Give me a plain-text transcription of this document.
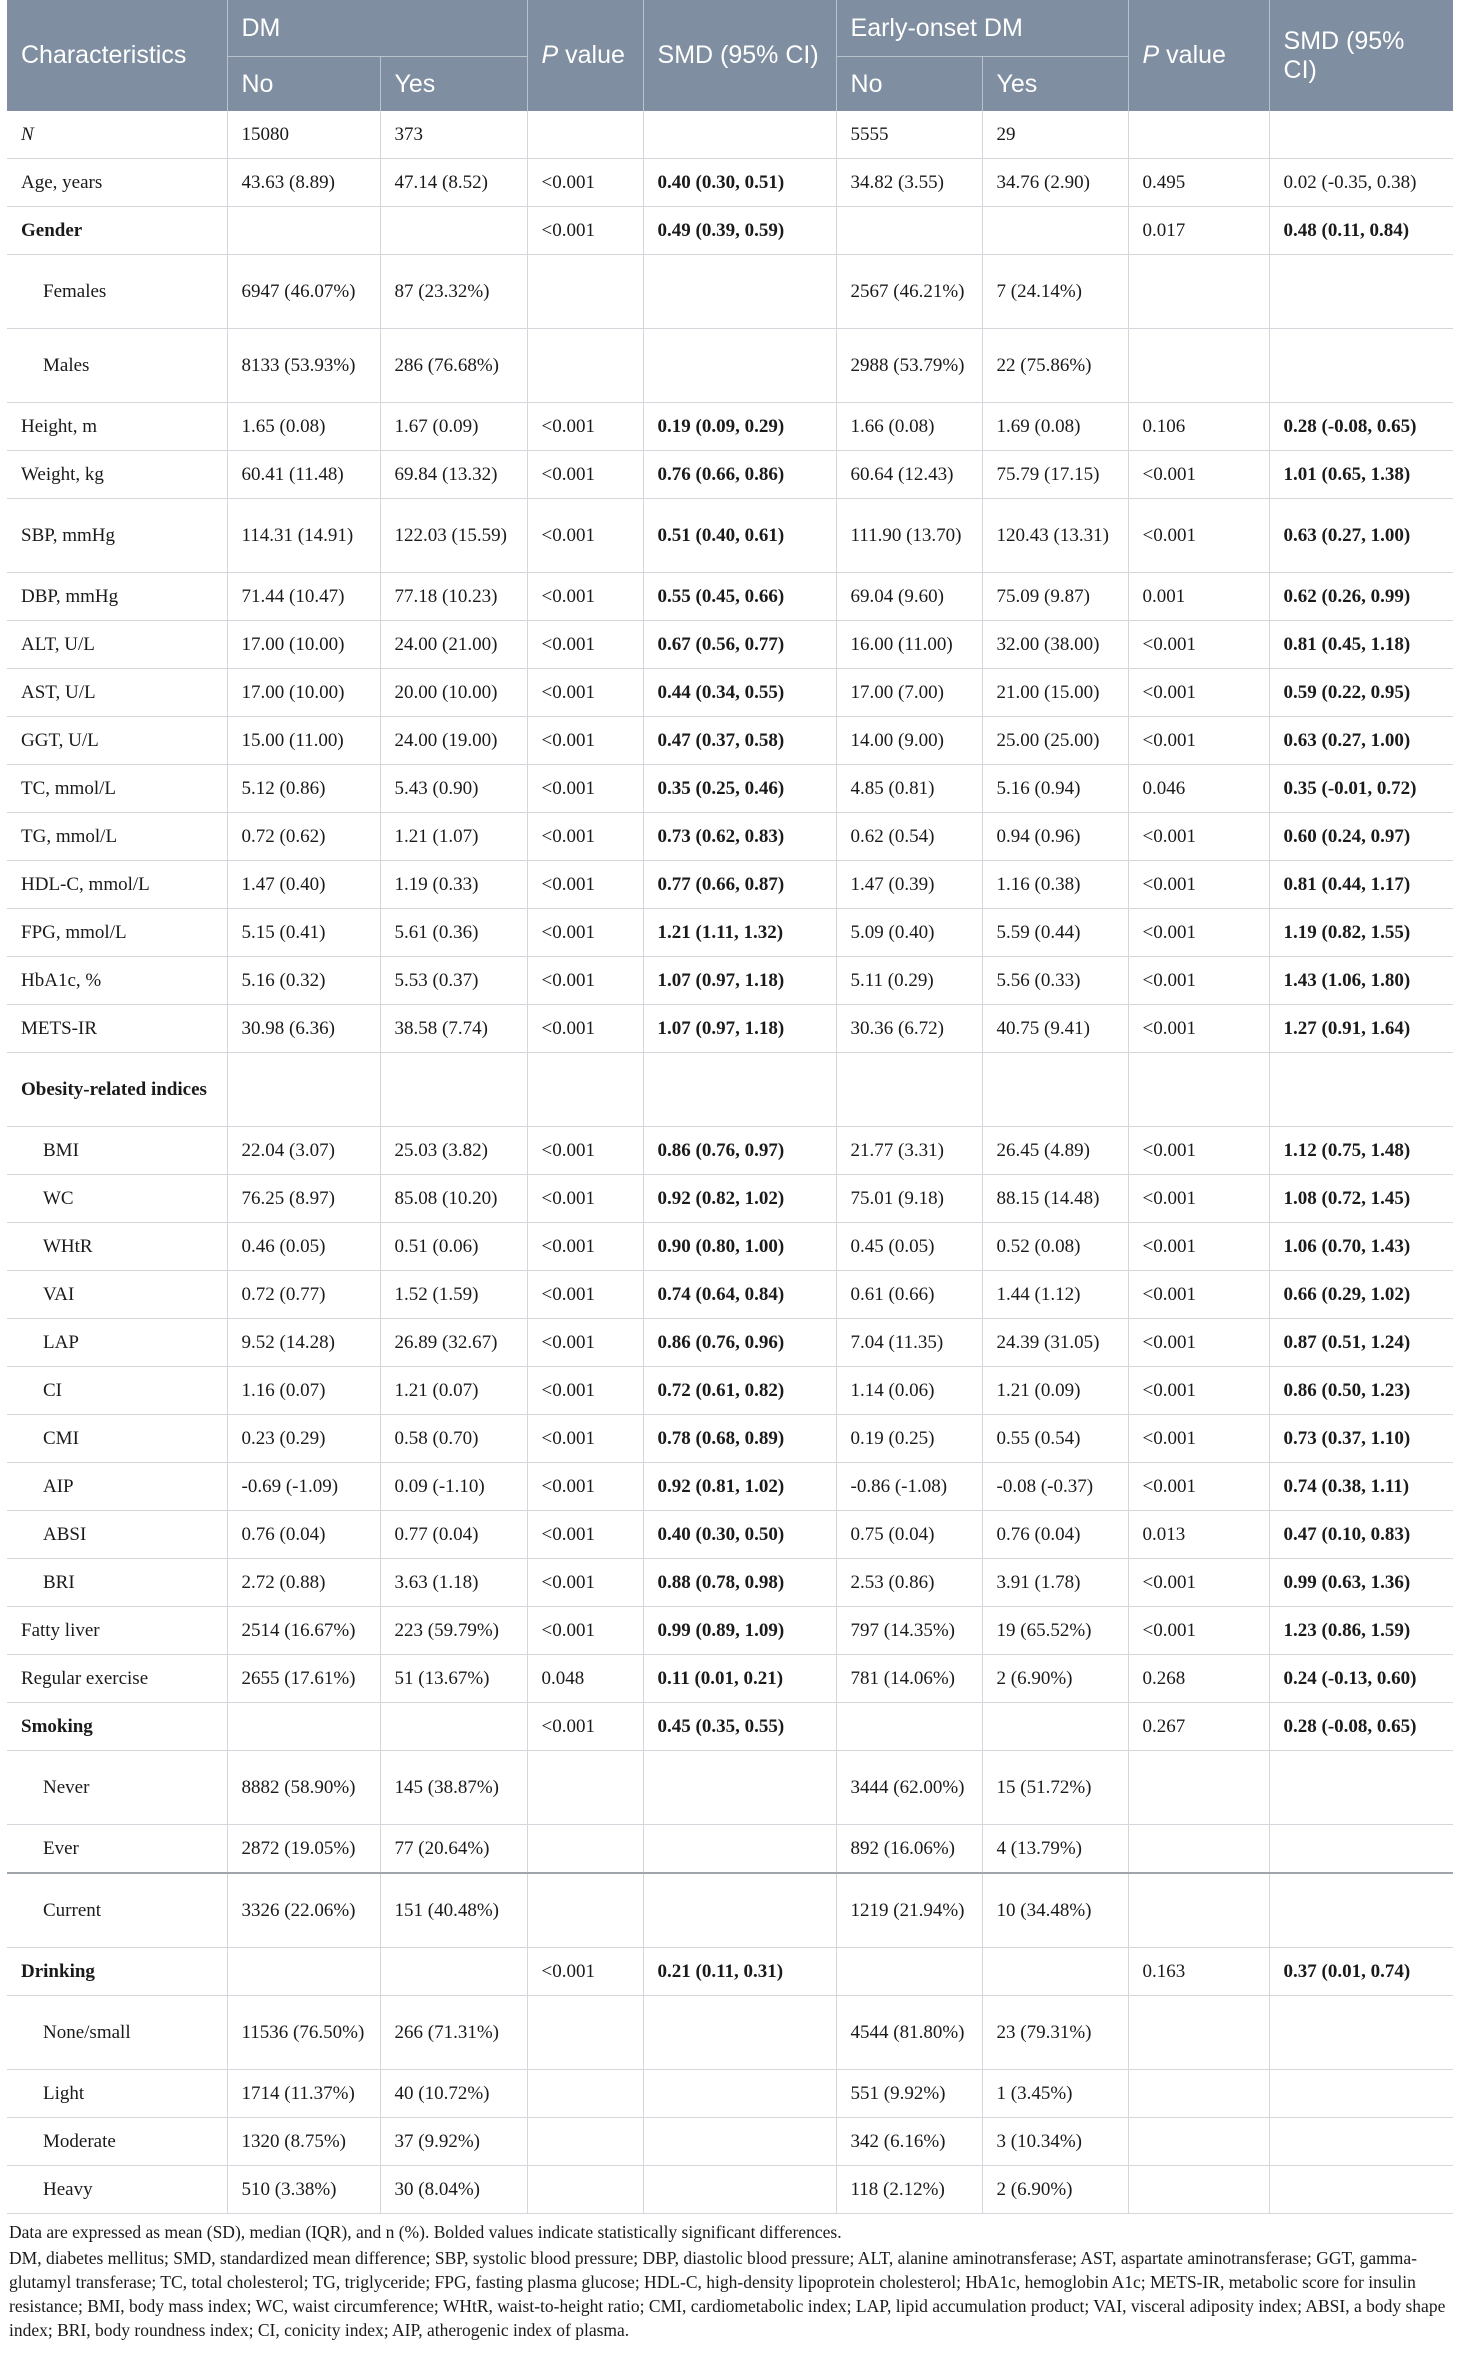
Characteristics	DM		P value	SMD (95% CI)	Early-onset DM		P value	SMD (95% CI)
	No	Yes			No	Yes		
N	15080	373			5555	29		
Age, years	43.63 (8.89)	47.14 (8.52)	<0.001	0.40 (0.30, 0.51)	34.82 (3.55)	34.76 (2.90)	0.495	0.02 (-0.35, 0.38)
Gender			<0.001	0.49 (0.39, 0.59)			0.017	0.48 (0.11, 0.84)
Females	6947 (46.07%)	87 (23.32%)			2567 (46.21%)	7 (24.14%)		
Males	8133 (53.93%)	286 (76.68%)			2988 (53.79%)	22 (75.86%)		
Height, m	1.65 (0.08)	1.67 (0.09)	<0.001	0.19 (0.09, 0.29)	1.66 (0.08)	1.69 (0.08)	0.106	0.28 (-0.08, 0.65)
Weight, kg	60.41 (11.48)	69.84 (13.32)	<0.001	0.76 (0.66, 0.86)	60.64 (12.43)	75.79 (17.15)	<0.001	1.01 (0.65, 1.38)
SBP, mmHg	114.31 (14.91)	122.03 (15.59)	<0.001	0.51 (0.40, 0.61)	111.90 (13.70)	120.43 (13.31)	<0.001	0.63 (0.27, 1.00)
DBP, mmHg	71.44 (10.47)	77.18 (10.23)	<0.001	0.55 (0.45, 0.66)	69.04 (9.60)	75.09 (9.87)	0.001	0.62 (0.26, 0.99)
ALT, U/L	17.00 (10.00)	24.00 (21.00)	<0.001	0.67 (0.56, 0.77)	16.00 (11.00)	32.00 (38.00)	<0.001	0.81 (0.45, 1.18)
AST, U/L	17.00 (10.00)	20.00 (10.00)	<0.001	0.44 (0.34, 0.55)	17.00 (7.00)	21.00 (15.00)	<0.001	0.59 (0.22, 0.95)
GGT, U/L	15.00 (11.00)	24.00 (19.00)	<0.001	0.47 (0.37, 0.58)	14.00 (9.00)	25.00 (25.00)	<0.001	0.63 (0.27, 1.00)
TC, mmol/L	5.12 (0.86)	5.43 (0.90)	<0.001	0.35 (0.25, 0.46)	4.85 (0.81)	5.16 (0.94)	0.046	0.35 (-0.01, 0.72)
TG, mmol/L	0.72 (0.62)	1.21 (1.07)	<0.001	0.73 (0.62, 0.83)	0.62 (0.54)	0.94 (0.96)	<0.001	0.60 (0.24, 0.97)
HDL-C, mmol/L	1.47 (0.40)	1.19 (0.33)	<0.001	0.77 (0.66, 0.87)	1.47 (0.39)	1.16 (0.38)	<0.001	0.81 (0.44, 1.17)
FPG, mmol/L	5.15 (0.41)	5.61 (0.36)	<0.001	1.21 (1.11, 1.32)	5.09 (0.40)	5.59 (0.44)	<0.001	1.19 (0.82, 1.55)
HbA1c, %	5.16 (0.32)	5.53 (0.37)	<0.001	1.07 (0.97, 1.18)	5.11 (0.29)	5.56 (0.33)	<0.001	1.43 (1.06, 1.80)
METS-IR	30.98 (6.36)	38.58 (7.74)	<0.001	1.07 (0.97, 1.18)	30.36 (6.72)	40.75 (9.41)	<0.001	1.27 (0.91, 1.64)
Obesity-related indices								
BMI	22.04 (3.07)	25.03 (3.82)	<0.001	0.86 (0.76, 0.97)	21.77 (3.31)	26.45 (4.89)	<0.001	1.12 (0.75, 1.48)
WC	76.25 (8.97)	85.08 (10.20)	<0.001	0.92 (0.82, 1.02)	75.01 (9.18)	88.15 (14.48)	<0.001	1.08 (0.72, 1.45)
WHtR	0.46 (0.05)	0.51 (0.06)	<0.001	0.90 (0.80, 1.00)	0.45 (0.05)	0.52 (0.08)	<0.001	1.06 (0.70, 1.43)
VAI	0.72 (0.77)	1.52 (1.59)	<0.001	0.74 (0.64, 0.84)	0.61 (0.66)	1.44 (1.12)	<0.001	0.66 (0.29, 1.02)
LAP	9.52 (14.28)	26.89 (32.67)	<0.001	0.86 (0.76, 0.96)	7.04 (11.35)	24.39 (31.05)	<0.001	0.87 (0.51, 1.24)
CI	1.16 (0.07)	1.21 (0.07)	<0.001	0.72 (0.61, 0.82)	1.14 (0.06)	1.21 (0.09)	<0.001	0.86 (0.50, 1.23)
CMI	0.23 (0.29)	0.58 (0.70)	<0.001	0.78 (0.68, 0.89)	0.19 (0.25)	0.55 (0.54)	<0.001	0.73 (0.37, 1.10)
AIP	-0.69 (-1.09)	0.09 (-1.10)	<0.001	0.92 (0.81, 1.02)	-0.86 (-1.08)	-0.08 (-0.37)	<0.001	0.74 (0.38, 1.11)
ABSI	0.76 (0.04)	0.77 (0.04)	<0.001	0.40 (0.30, 0.50)	0.75 (0.04)	0.76 (0.04)	0.013	0.47 (0.10, 0.83)
BRI	2.72 (0.88)	3.63 (1.18)	<0.001	0.88 (0.78, 0.98)	2.53 (0.86)	3.91 (1.78)	<0.001	0.99 (0.63, 1.36)
Fatty liver	2514 (16.67%)	223 (59.79%)	<0.001	0.99 (0.89, 1.09)	797 (14.35%)	19 (65.52%)	<0.001	1.23 (0.86, 1.59)
Regular exercise	2655 (17.61%)	51 (13.67%)	0.048	0.11 (0.01, 0.21)	781 (14.06%)	2 (6.90%)	0.268	0.24 (-0.13, 0.60)
Smoking			<0.001	0.45 (0.35, 0.55)			0.267	0.28 (-0.08, 0.65)
Never	8882 (58.90%)	145 (38.87%)			3444 (62.00%)	15 (51.72%)		
Ever	2872 (19.05%)	77 (20.64%)			892 (16.06%)	4 (13.79%)		
Current	3326 (22.06%)	151 (40.48%)			1219 (21.94%)	10 (34.48%)		
Drinking			<0.001	0.21 (0.11, 0.31)			0.163	0.37 (0.01, 0.74)
None/small	11536 (76.50%)	266 (71.31%)			4544 (81.80%)	23 (79.31%)		
Light	1714 (11.37%)	40 (10.72%)			551 (9.92%)	1 (3.45%)		
Moderate	1320 (8.75%)	37 (9.92%)			342 (6.16%)	3 (10.34%)		
Heavy	510 (3.38%)	30 (8.04%)			118 (2.12%)	2 (6.90%)		

Data are expressed as mean (SD), median (IQR), and n (%). Bolded values indicate statistically significant differences.

DM, diabetes mellitus; SMD, standardized mean difference; SBP, systolic blood pressure; DBP, diastolic blood pressure; ALT, alanine aminotransferase; AST, aspartate aminotransferase; GGT, gamma-glutamyl transferase; TC, total cholesterol; TG, triglyceride; FPG, fasting plasma glucose; HDL-C, high-density lipoprotein cholesterol; HbA1c, hemoglobin A1c; METS-IR, metabolic score for insulin resistance; BMI, body mass index; WC, waist circumference; WHtR, waist-to-height ratio; CMI, cardiometabolic index; LAP, lipid accumulation product; VAI, visceral adiposity index; ABSI, a body shape index; BRI, body roundness index; CI, conicity index; AIP, atherogenic index of plasma.
